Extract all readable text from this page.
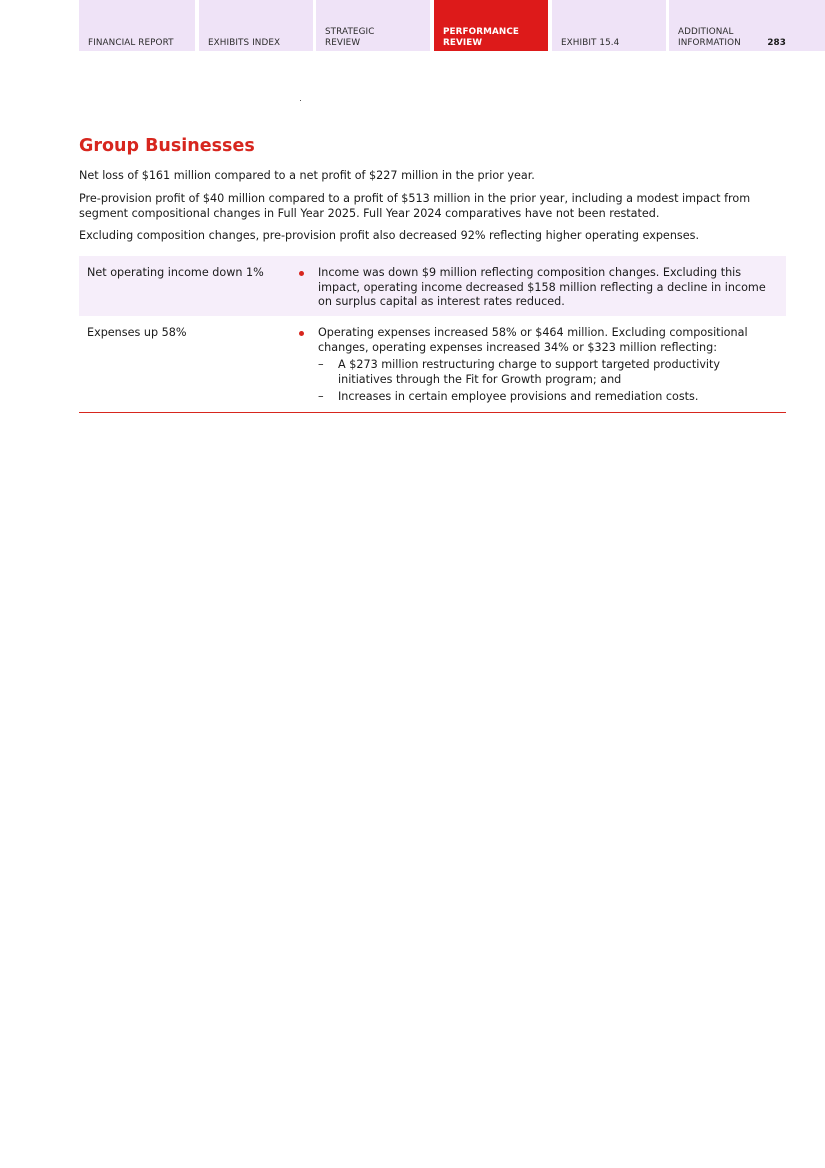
FINANCIAL REPORT	EXHIBITS INDEX
STRATEGIC
REVIEW
PERFORMANCE
REVIEW	EXHIBIT 15.4
ADDITIONAL
INFORMATION	283
Group Businesses

Net loss of $161 million compared to a net profit of $227 million in the prior year.

Pre-provision profit of $40 million compared to a profit of $513 million in the prior year, including a modest impact from segment compositional changes in Full Year 2025. Full Year 2024 comparatives have not been restated.

Excluding composition changes, pre-provision profit also decreased 92% reflecting higher operating expenses.

Net operating income down 1%	Income was down $9 million reflecting composition changes. Excluding this impact, operating income decreased $158 million reflecting a decline in income on surplus capital as interest rates reduced.
Expenses up 58%	Operating expenses increased 58% or $464 million. Excluding compositional changes, operating expenses increased 34% or $323 million reflecting:
– A $273 million restructuring charge to support targeted productivity initiatives through the Fit for Growth program; and
– Increases in certain employee provisions and remediation costs.
